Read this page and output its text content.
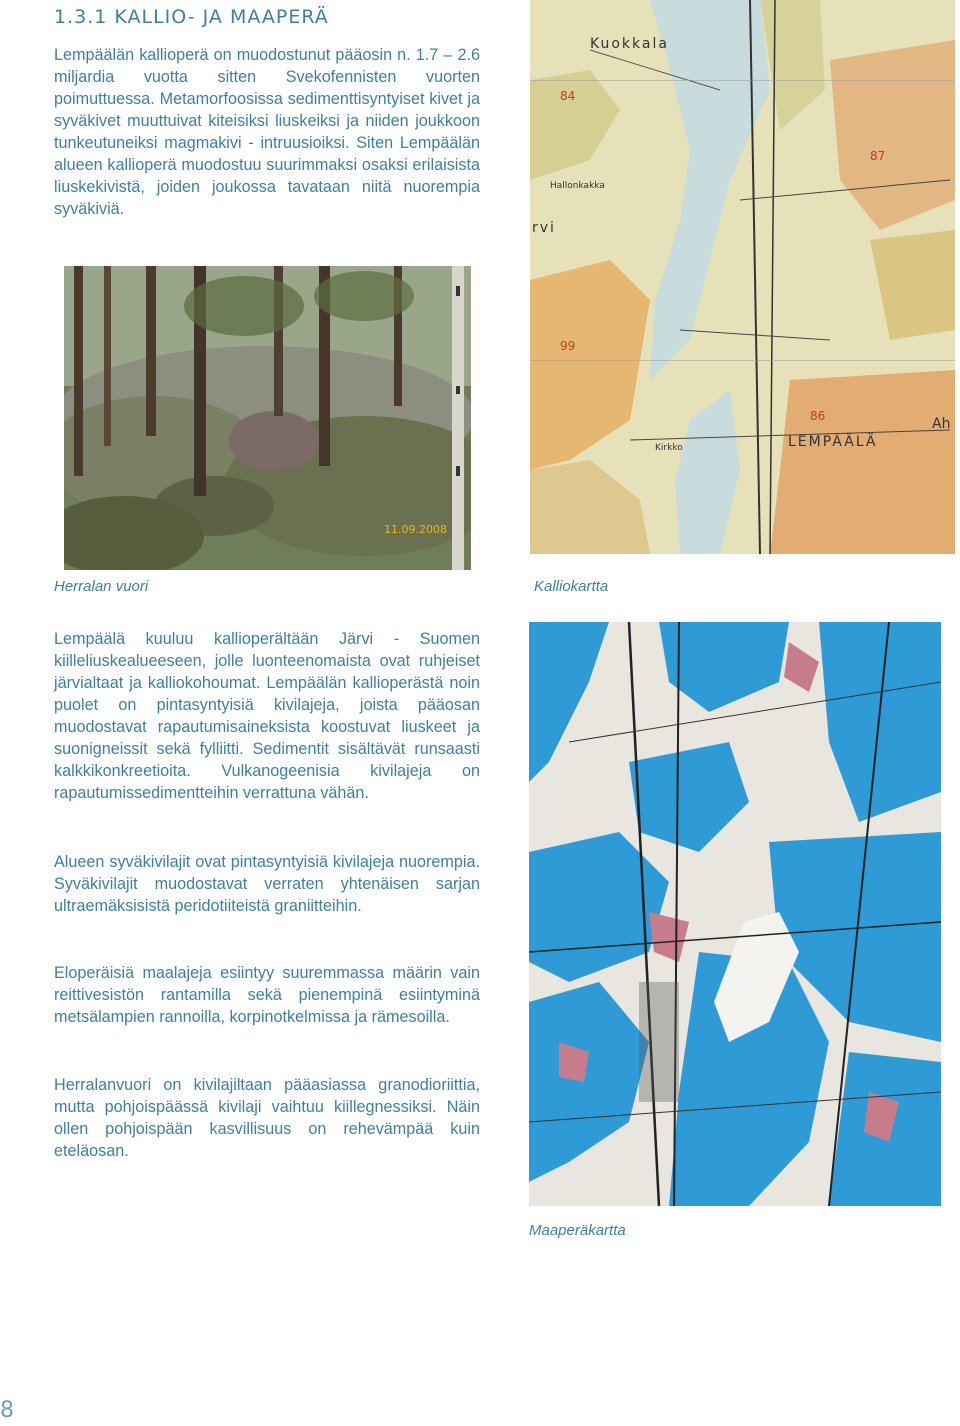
1.3.1 KALLIO- JA MAAPERÄ

Lempäälän kallioperä on muodostunut pääosin n. 1.7 – 2.6 miljardia vuotta sitten Svekofennisten vuorten poimuttuessa. Metamorfoosissa sedimenttisyntyiset kivet ja syväkivet muuttuivat kiteisiksi liuskeiksi ja niiden joukkoon tunkeutuneiksi magmakivi - intruusioiksi. Siten Lempäälän alueen kallioperä muodostuu suurimmaksi osaksi erilaisista liuskekivistä, joiden joukossa tavataan niitä nuorempia syväkiviä.

11.09.2008
Herralan vuori
Kuokkala
Hallonkakka
rvi
LEMPÄÄLÄ
Kirkko
Ah
84
99
86
87
Kalliokartta

Lempäälä kuuluu kallioperältään Järvi - Suomen kiilleliuskealueeseen, jolle luonteenomaista ovat ruhjeiset järvialtaat ja kalliokohoumat. Lempäälän kallioperästä noin puolet on pintasyntyisiä kivilajeja, joista pääosan muodostavat rapautumisaineksista koostuvat liuskeet ja suonigneissit sekä fylliitti. Sedimentit sisältävät runsaasti kalkkikonkreetioita. Vulkanogeenisia kivilajeja on rapautumissedimentteihin verrattuna vähän.

Alueen syväkivilajit ovat pintasyntyisiä kivilajeja nuorempia. Syväkivilajit muodostavat verraten yhtenäisen sarjan ultraemäksisistä peridotiiteistä graniitteihin.

Eloperäisiä maalajeja esiintyy suuremmassa määrin vain reittivesistön rantamilla sekä pienempinä esiintyminä metsälampien rannoilla, korpinotkelmissa ja rämesoilla.

Herralanvuori on kivilajiltaan pääasiassa granodioriittia, mutta pohjoispäässä kivilaji vaihtuu kiillegnessiksi. Näin ollen pohjoispään kasvillisuus on rehevämpää kuin eteläosan.

Maaperäkartta
8
